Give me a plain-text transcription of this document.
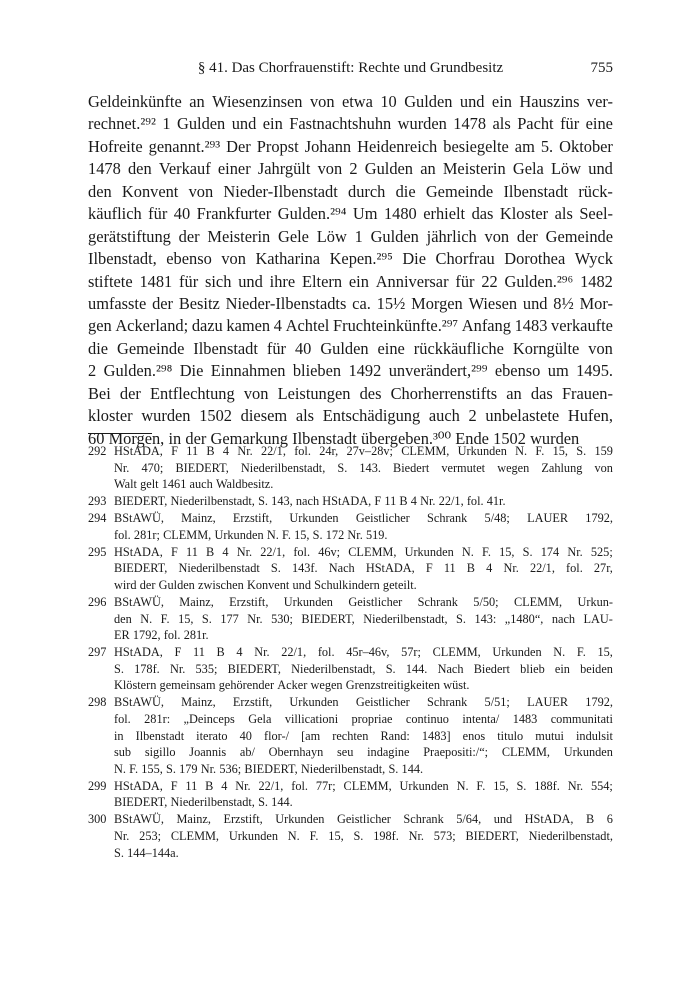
§ 41. Das Chorfrauenstift: Rechte und Grundbesitz	755
Geldeinkünfte an Wiesenzinsen von etwa 10 Gulden und ein Hauszins ver-
rechnet.²⁹² 1 Gulden und ein Fastnachtshuhn wurden 1478 als Pacht für eine
Hofreite genannt.²⁹³ Der Propst Johann Heidenreich besiegelte am 5. Oktober
1478 den Verkauf einer Jahrgült von 2 Gulden an Meisterin Gela Löw und
den Konvent von Nieder-Ilbenstadt durch die Gemeinde Ilbenstadt rück-
käuflich für 40 Frankfurter Gulden.²⁹⁴ Um 1480 erhielt das Kloster als Seel-
gerätstiftung der Meisterin Gele Löw 1 Gulden jährlich von der Gemeinde
Ilbenstadt, ebenso von Katharina Kepen.²⁹⁵ Die Chorfrau Dorothea Wyck
stiftete 1481 für sich und ihre Eltern ein Anniversar für 22 Gulden.²⁹⁶ 1482
umfasste der Besitz Nieder-Ilbenstadts ca. 15½ Morgen Wiesen und 8½ Mor-
gen Ackerland; dazu kamen 4 Achtel Fruchteinkünfte.²⁹⁷ Anfang 1483 verkaufte
die Gemeinde Ilbenstadt für 40 Gulden eine rückkäufliche Korngülte von
2 Gulden.²⁹⁸ Die Einnahmen blieben 1492 unverändert,²⁹⁹ ebenso um 1495.
Bei der Entflechtung von Leistungen des Chorherrenstifts an das Frauen-
kloster wurden 1502 diesem als Entschädigung auch 2 unbelastete Hufen,
60 Morgen, in der Gemarkung Ilbenstadt übergeben.³⁰⁰ Ende 1502 wurden
292 HStADA, F 11 B 4 Nr. 22/1, fol. 24r, 27v–28v; CLEMM, Urkunden N. F. 15, S. 159
Nr. 470; BIEDERT, Niederilbenstadt, S. 143. Biedert vermutet wegen Zahlung von
Walt gelt 1461 auch Waldbesitz.
293 BIEDERT, Niederilbenstadt, S. 143, nach HStADA, F 11 B 4 Nr. 22/1, fol. 41r.
294 BStAWÜ, Mainz, Erzstift, Urkunden Geistlicher Schrank 5/48; LAUER 1792,
fol. 281r; CLEMM, Urkunden N. F. 15, S. 172 Nr. 519.
295 HStADA, F 11 B 4 Nr. 22/1, fol. 46v; CLEMM, Urkunden N. F. 15, S. 174 Nr. 525;
BIEDERT, Niederilbenstadt S. 143f. Nach HStADA, F 11 B 4 Nr. 22/1, fol. 27r,
wird der Gulden zwischen Konvent und Schulkindern geteilt.
296 BStAWÜ, Mainz, Erzstift, Urkunden Geistlicher Schrank 5/50; CLEMM, Urkun-
den N. F. 15, S. 177 Nr. 530; BIEDERT, Niederilbenstadt, S. 143: „1480“, nach LAU-
ER 1792, fol. 281r.
297 HStADA, F 11 B 4 Nr. 22/1, fol. 45r–46v, 57r; CLEMM, Urkunden N. F. 15,
S. 178f. Nr. 535; BIEDERT, Niederilbenstadt, S. 144. Nach Biedert blieb ein beiden
Klöstern gemeinsam gehörender Acker wegen Grenzstreitigkeiten wüst.
298 BStAWÜ, Mainz, Erzstift, Urkunden Geistlicher Schrank 5/51; LAUER 1792,
fol. 281r: „Deinceps Gela villicationi propriae continuo intenta/ 1483 communitati
in Ilbenstadt iterato 40 flor-/ [am rechten Rand: 1483] enos titulo mutui indulsit
sub sigillo Joannis ab/ Obernhayn seu indagine Praepositi:/“; CLEMM, Urkunden
N. F. 155, S. 179 Nr. 536; BIEDERT, Niederilbenstadt, S. 144.
299 HStADA, F 11 B 4 Nr. 22/1, fol. 77r; CLEMM, Urkunden N. F. 15, S. 188f. Nr. 554;
BIEDERT, Niederilbenstadt, S. 144.
300 BStAWÜ, Mainz, Erzstift, Urkunden Geistlicher Schrank 5/64, und HStADA, B 6
Nr. 253; CLEMM, Urkunden N. F. 15, S. 198f. Nr. 573; BIEDERT, Niederilbenstadt,
S. 144–144a.
